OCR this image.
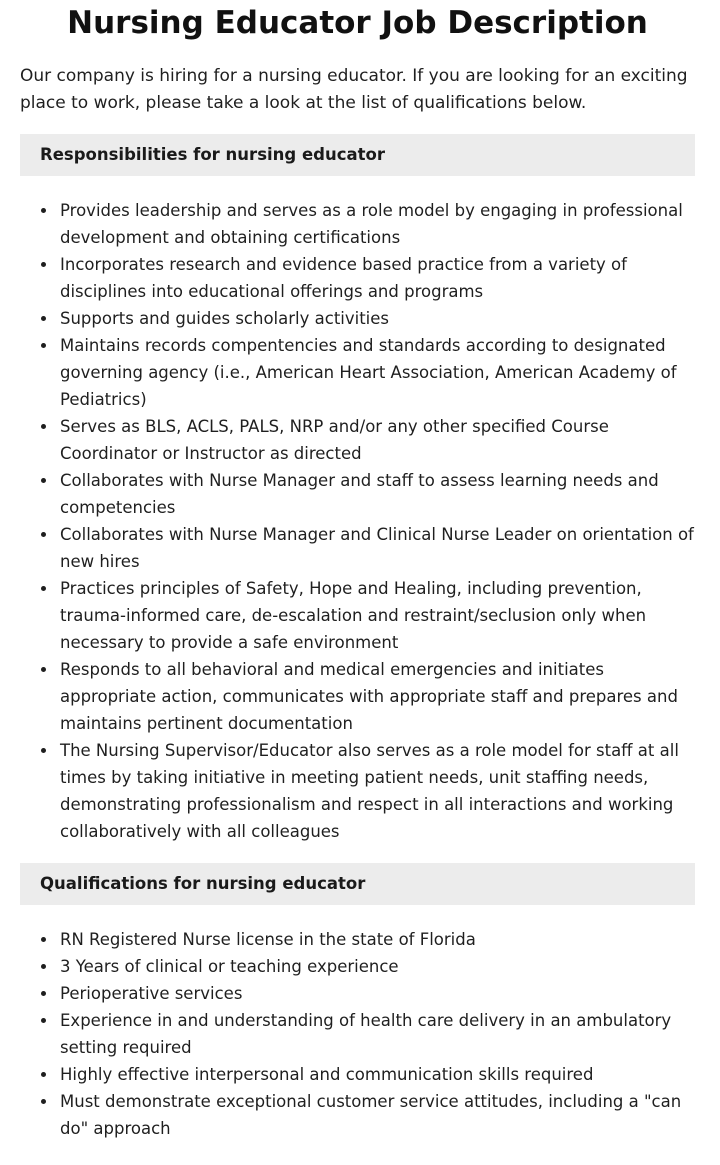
Nursing Educator Job Description

Our company is hiring for a nursing educator. If you are looking for an exciting place to work, please take a look at the list of qualifications below.

Responsibilities for nursing educator
Provides leadership and serves as a role model by engaging in professional development and obtaining certifications
Incorporates research and evidence based practice from a variety of disciplines into educational offerings and programs
Supports and guides scholarly activities
Maintains records compentencies and standards according to designated governing agency (i.e., American Heart Association, American Academy of Pediatrics)
Serves as BLS, ACLS, PALS, NRP and/or any other specified Course Coordinator or Instructor as directed
Collaborates with Nurse Manager and staff to assess learning needs and competencies
Collaborates with Nurse Manager and Clinical Nurse Leader on orientation of new hires
Practices principles of Safety, Hope and Healing, including prevention, trauma-informed care, de-escalation and restraint/seclusion only when necessary to provide a safe environment
Responds to all behavioral and medical emergencies and initiates appropriate action, communicates with appropriate staff and prepares and maintains pertinent documentation
The Nursing Supervisor/Educator also serves as a role model for staff at all times by taking initiative in meeting patient needs, unit staffing needs, demonstrating professionalism and respect in all interactions and working collaboratively with all colleagues
Qualifications for nursing educator
RN Registered Nurse license in the state of Florida
3 Years of clinical or teaching experience
Perioperative services
Experience in and understanding of health care delivery in an ambulatory setting required
Highly effective interpersonal and communication skills required
Must demonstrate exceptional customer service attitudes, including a "can do" approach
